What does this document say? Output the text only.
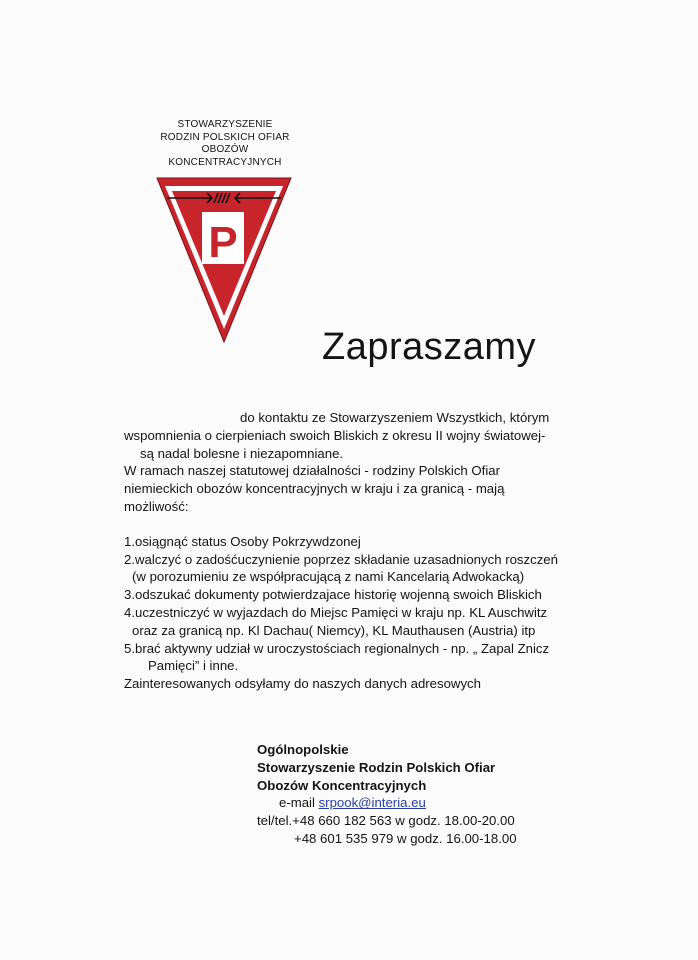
STOWARZYSZENIE
RODZIN POLSKICH OFIAR
OBOZÓW
KONCENTRACYJNYCH
P
Zapraszamy

do kontaktu ze Stowarzyszeniem Wszystkich, którym

wspomnienia o cierpieniach swoich Bliskich z okresu II wojny światowej-

są nadal bolesne i niezapomniane.

W ramach naszej statutowej działalności - rodziny Polskich Ofiar

niemieckich obozów koncentracyjnych w kraju i za granicą - mają

możliwość:

1.osiągnąć status Osoby Pokrzywdzonej

2.walczyć o zadośćuczynienie poprzez składanie uzasadnionych roszczeń

(w porozumieniu ze współpracującą z nami Kancelarią Adwokacką)

3.odszukać dokumenty potwierdzajace historię wojenną swoich Bliskich

4.uczestniczyć w wyjazdach do Miejsc Pamięci w kraju np. KL Auschwitz

oraz za granicą np. Kl Dachau( Niemcy), KL Mauthausen (Austria) itp

5.brać aktywny udział w uroczystościach regionalnych - np. „ Zapal Znicz

Pamięci” i inne.

Zainteresowanych odsyłamy do naszych danych adresowych

Ogólnopolskie

Stowarzyszenie Rodzin Polskich Ofiar

Obozów Koncentracyjnych

e-mail srpook@interia.eu

tel/tel.+48 660 182 563 w godz. 18.00-20.00

+48 601 535 979 w godz. 16.00-18.00
